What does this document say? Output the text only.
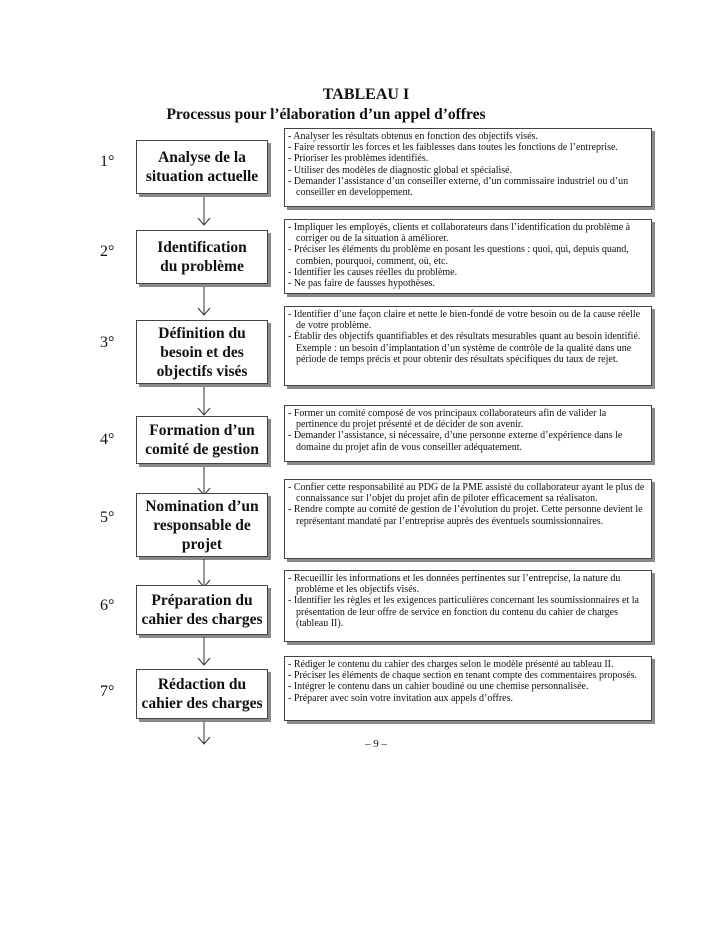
TABLEAU I
Processus pour l’élaboration d’un appel d’offres
1°	Analyse de la
situation actuelle
- Analyser les résultats obtenus en fonction des objectifs visés.
- Faire ressortir les forces et les faiblesses dans toutes les fonctions de l’entreprise.
- Prioriser les problèmes identifiés.
- Utiliser des modèles de diagnostic global et spécialisé.
- Demander l’assistance d’un conseiller externe, d’un commissaire industriel ou d’un conseiller en developpement.
2°	Identification
du problème
- Impliquer les employés, clients et collaborateurs dans l’identification du problème à corriger ou de la situation à améliorer.
- Préciser les éléments du problème en posant les questions : quoi, qui, depuis quand, combien, pourquoi, comment, où, etc.
- Identifier les causes réelles du problème.
- Ne pas faire de fausses hypothèses.
3°
Définition du
besoin et des
objectifs visés
- Identifier d’une façon claire et nette le bien-fondé de votre besoin ou de la cause réelle de votre problème.
- Établir des objectifs quantifiables et des résultats mesurables quant au besoin identifié. Exemple : un besoin d’implantation d’un système de contrôle de la qualité dans une période de temps précis et pour obtenir des résultats spécifiques du taux de rejet.
4°
Formation d’un
comité de gestion
- Former un comité composé de vos principaux collaborateurs afin de valider la pertinence du projet présenté et de décider de son avenir.
- Demander l’assistance, si nécessaire, d’une personne externe d’expérience dans le domaine du projet afin de vous conseiller adéquatement.
5°
Nomination d’un
responsable de
projet
- Confier cette responsabilité au PDG de la PME assisté du collaborateur ayant le plus de connaissance sur l’objet du projet afin de piloter efficacement sa réalisaton.
- Rendre compte au comité de gestion de l’évolution du projet. Cette personne devient le représentant mandaté par l’entreprise auprès des éventuels soumissionnaires.
6°	Préparation du
cahier des charges
- Recueillir les informations et les données pertinentes sur l’entreprise, la nature du problème et les objectifs visés.
- Identifier les règles et les exigences particulières concernant les soumissionnaires et la présentation de leur offre de service en fonction du contenu du cahier de charges (tableau II).
7°	Rédaction du
cahier des charges
- Rédiger le contenu du cahier des charges selon le modèle présenté au tableau II.
- Préciser les éléments de chaque section en tenant compte des commentaires proposés.
- Intégrer le contenu dans un cahier boudiné ou une chemise personnalisée.
- Préparer avec soin votre invitation aux appels d’offres.
– 9 –
